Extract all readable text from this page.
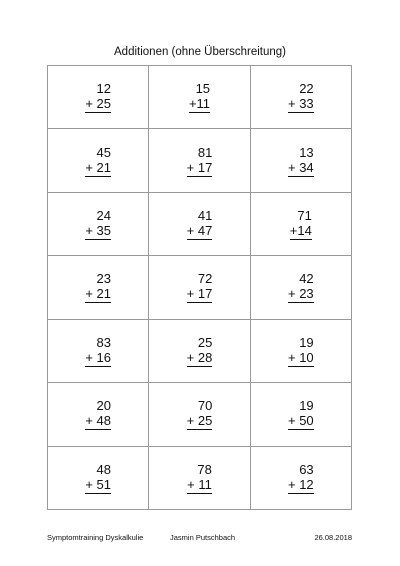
Additionen (ohne Überschreitung)
12
+ 25
15
+11
22
+ 33
45
+ 21
81
+ 17
13
+ 34
24
+ 35
41
+ 47
71
+14
23
+ 21
72
+ 17
42
+ 23
83
+ 16
25
+ 28
19
+ 10
20
+ 48
70
+ 25
19
+ 50
48
+ 51
78
+ 11
63
+ 12
Symptomtraining Dyskalkulie	Jasmin Putschbach	26.08.2018
